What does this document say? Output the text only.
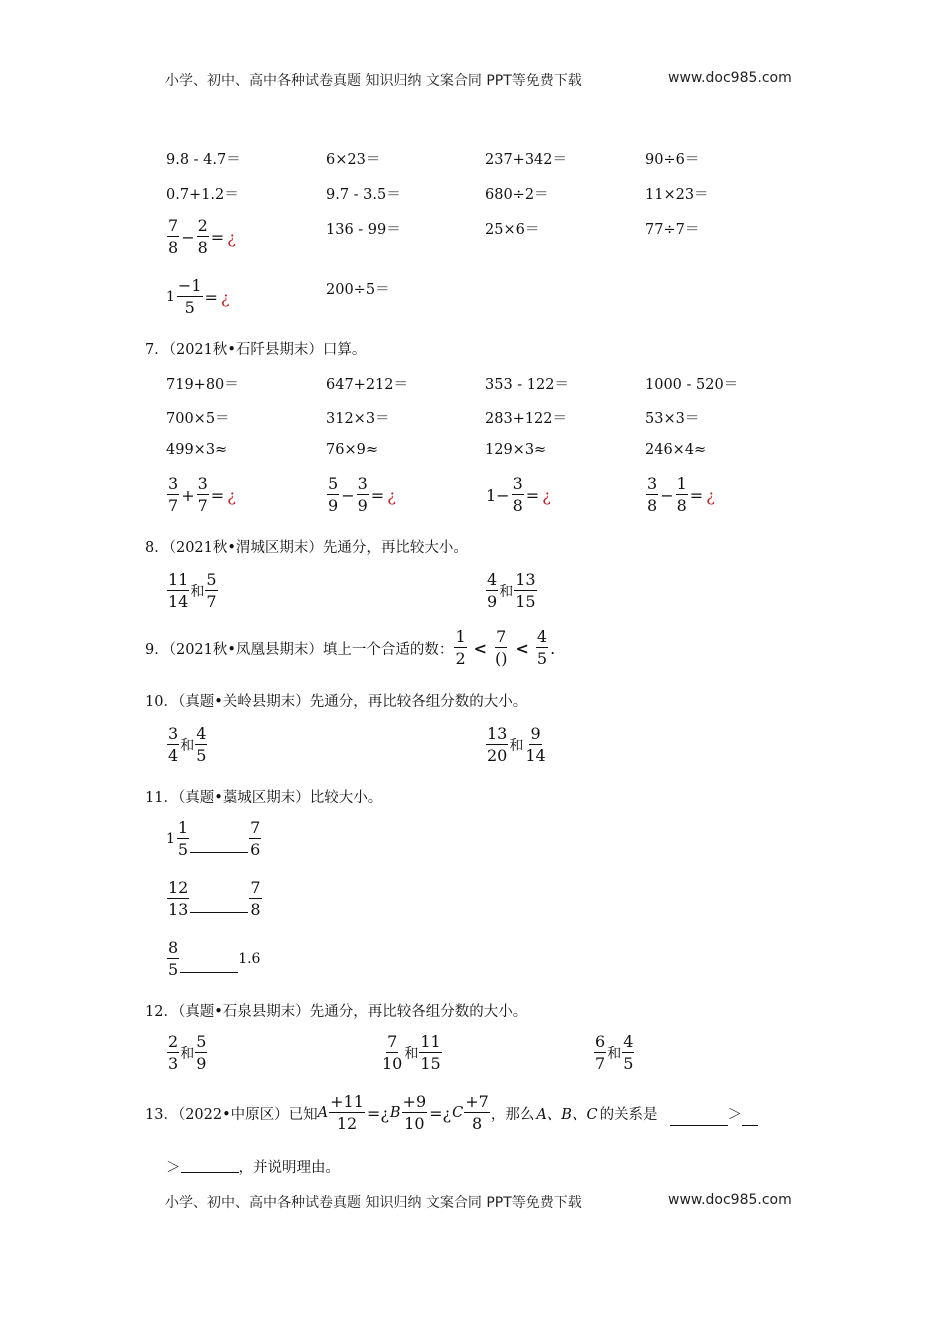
小学、初中、高中各种试卷真题 知识归纳 文案合同 PPT等免费下载	www.doc985.com
9.8 - 4.7＝	6×23＝	237+342＝	90÷6＝
0.7+1.2＝	9.7 - 3.5＝	680÷2＝	11×23＝
$\frac{7}{8} - \frac{2}{8}$ = ¿	136 - 99＝	25×6＝	77÷7＝
$1 \frac{-1}{5}$ = ¿	200÷5＝
7．（2021秋•石阡县期末）口算。
719+80＝	647+212＝	353 - 122＝	1000 - 520＝
700×5＝	312×3＝	283+122＝	53×3＝
499×3≈	76×9≈	129×3≈	246×4≈
$\frac{3}{7} + \frac{3}{7}$ = ¿	$\frac{5}{9} - \frac{3}{9}$ = ¿	$1- \frac{3}{8}$ = ¿	$\frac{3}{8} - \frac{1}{8}$ = ¿
8．（2021秋•渭城区期末）先通分，再比较大小。
$\frac{11}{14}$ 和 $\frac{5}{7}$	$\frac{4}{9}$ 和 $\frac{13}{15}$
9．（2021秋•凤凰县期末）填上一个合适的数： $\frac{1}{2} < \frac{7}{()} < \frac{4}{5}$ .
10．（真题•关岭县期末）先通分，再比较各组分数的大小。
$\frac{3}{4}$ 和 $\frac{4}{5}$	$\frac{13}{20}$ 和 $\frac{9}{14}$
11．（真题•藁城区期末）比较大小。
$1 \frac{1}{5}$	$\frac{7}{6}$
$\frac{12}{13}$	$\frac{7}{8}$
$\frac{8}{5}$	1.6
12．（真题•石泉县期末）先通分，再比较各组分数的大小。
$\frac{2}{3}$ 和 $\frac{5}{9}$	$\frac{7}{10}$ 和 $\frac{11}{15}$	$\frac{6}{7}$ 和 $\frac{4}{5}$
13．（2022•中原区）已知 A $\frac{+11}{12}$ =¿ B $\frac{+9}{10}$ =¿ C $\frac{+7}{8}$ ，那么 A、B、C 的关系是	＞
＞	，并说明理由。
小学、初中、高中各种试卷真题 知识归纳 文案合同 PPT等免费下载	www.doc985.com
